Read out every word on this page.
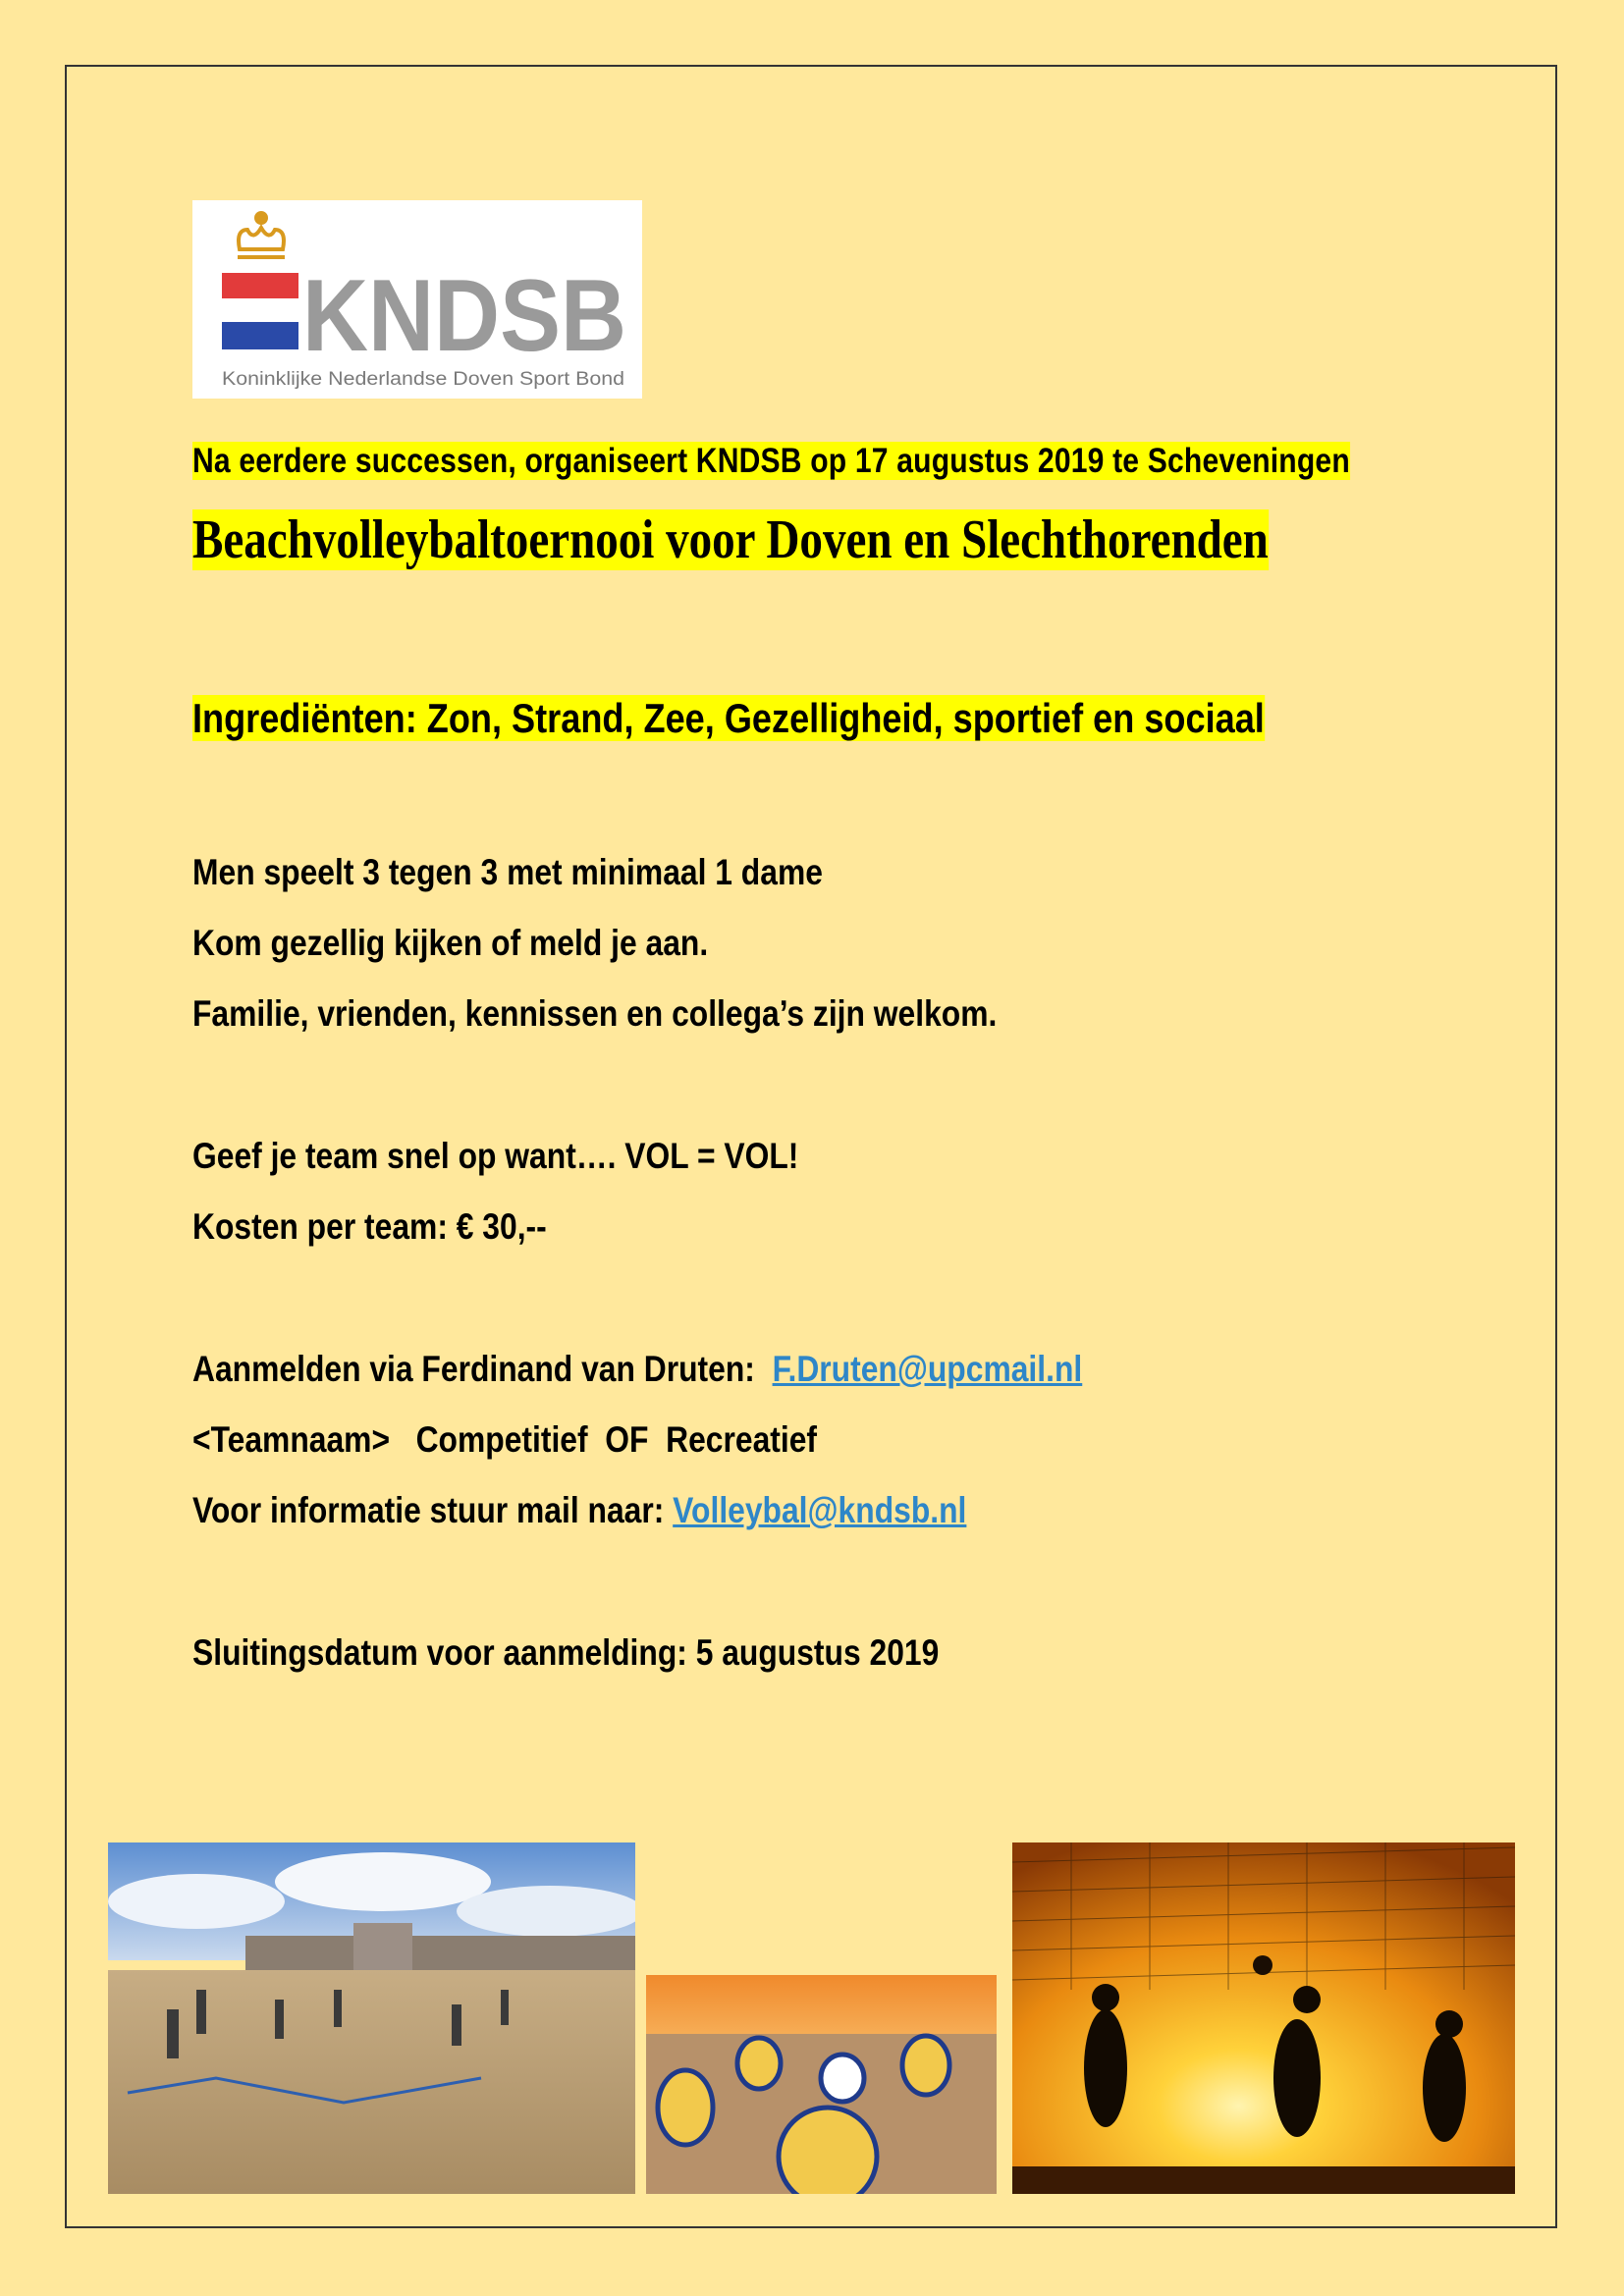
KNDSB
Koninklijke Nederlandse Doven Sport Bond

Na eerdere successen, organiseert KNDSB op 17 augustus 2019 te Scheveningen

Beachvolleybaltoernooi voor Doven en Slechthorenden

Ingrediënten: Zon, Strand, Zee, Gezelligheid, sportief en sociaal

Men speelt 3 tegen 3 met minimaal 1 dame

Kom gezellig kijken of meld je aan.

Familie, vrienden, kennissen en collega’s zijn welkom.

Geef je team snel op want…. VOL = VOL!

Kosten per team: € 30,--

Aanmelden via Ferdinand van Druten: F.Druten@upcmail.nl

<Teamnaam>   Competitief  OF  Recreatief

Voor informatie stuur mail naar: Volleybal@kndsb.nl

Sluitingsdatum voor aanmelding: 5 augustus 2019
